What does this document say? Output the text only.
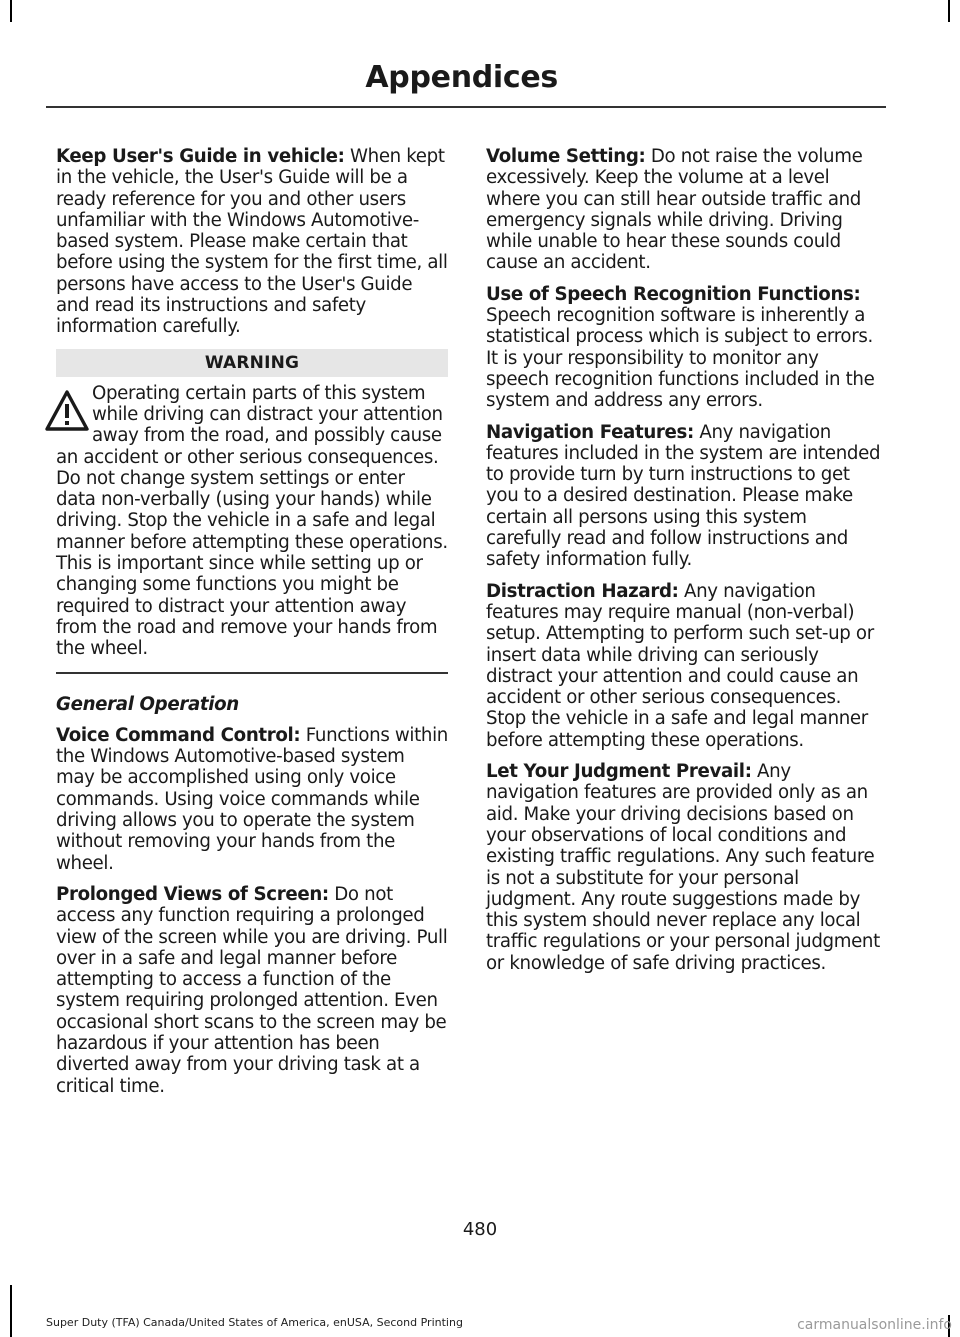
Appendices

Keep User's Guide in vehicle: When kept in the vehicle, the User's Guide will be a ready reference for you and other users unfamiliar with the Windows Automotive-based system. Please make certain that before using the system for the first time, all persons have access to the User's Guide and read its instructions and safety information carefully.

WARNING
Operating certain parts of this system while driving can distract your attention away from the road, and possibly cause an accident or other serious consequences. Do not change system settings or enter data non-verbally (using your hands) while driving. Stop the vehicle in a safe and legal manner before attempting these operations. This is important since while setting up or changing some functions you might be required to distract your attention away from the road and remove your hands from the wheel.

General Operation

Voice Command Control: Functions within the Windows Automotive-based system may be accomplished using only voice commands. Using voice commands while driving allows you to operate the system without removing your hands from the wheel.

Prolonged Views of Screen: Do not access any function requiring a prolonged view of the screen while you are driving. Pull over in a safe and legal manner before attempting to access a function of the system requiring prolonged attention. Even occasional short scans to the screen may be hazardous if your attention has been diverted away from your driving task at a critical time.

Volume Setting: Do not raise the volume excessively. Keep the volume at a level where you can still hear outside traffic and emergency signals while driving. Driving while unable to hear these sounds could cause an accident.

Use of Speech Recognition Functions: Speech recognition software is inherently a statistical process which is subject to errors. It is your responsibility to monitor any speech recognition functions included in the system and address any errors.

Navigation Features: Any navigation features included in the system are intended to provide turn by turn instructions to get you to a desired destination. Please make certain all persons using this system carefully read and follow instructions and safety information fully.

Distraction Hazard: Any navigation features may require manual (non-verbal) setup. Attempting to perform such set-up or insert data while driving can seriously distract your attention and could cause an accident or other serious consequences. Stop the vehicle in a safe and legal manner before attempting these operations.

Let Your Judgment Prevail: Any navigation features are provided only as an aid. Make your driving decisions based on your observations of local conditions and existing traffic regulations. Any such feature is not a substitute for your personal judgment. Any route suggestions made by this system should never replace any local traffic regulations or your personal judgment or knowledge of safe driving practices.

480
Super Duty (TFA) Canada/United States of America, enUSA, Second Printing	carmanualsonline.info
